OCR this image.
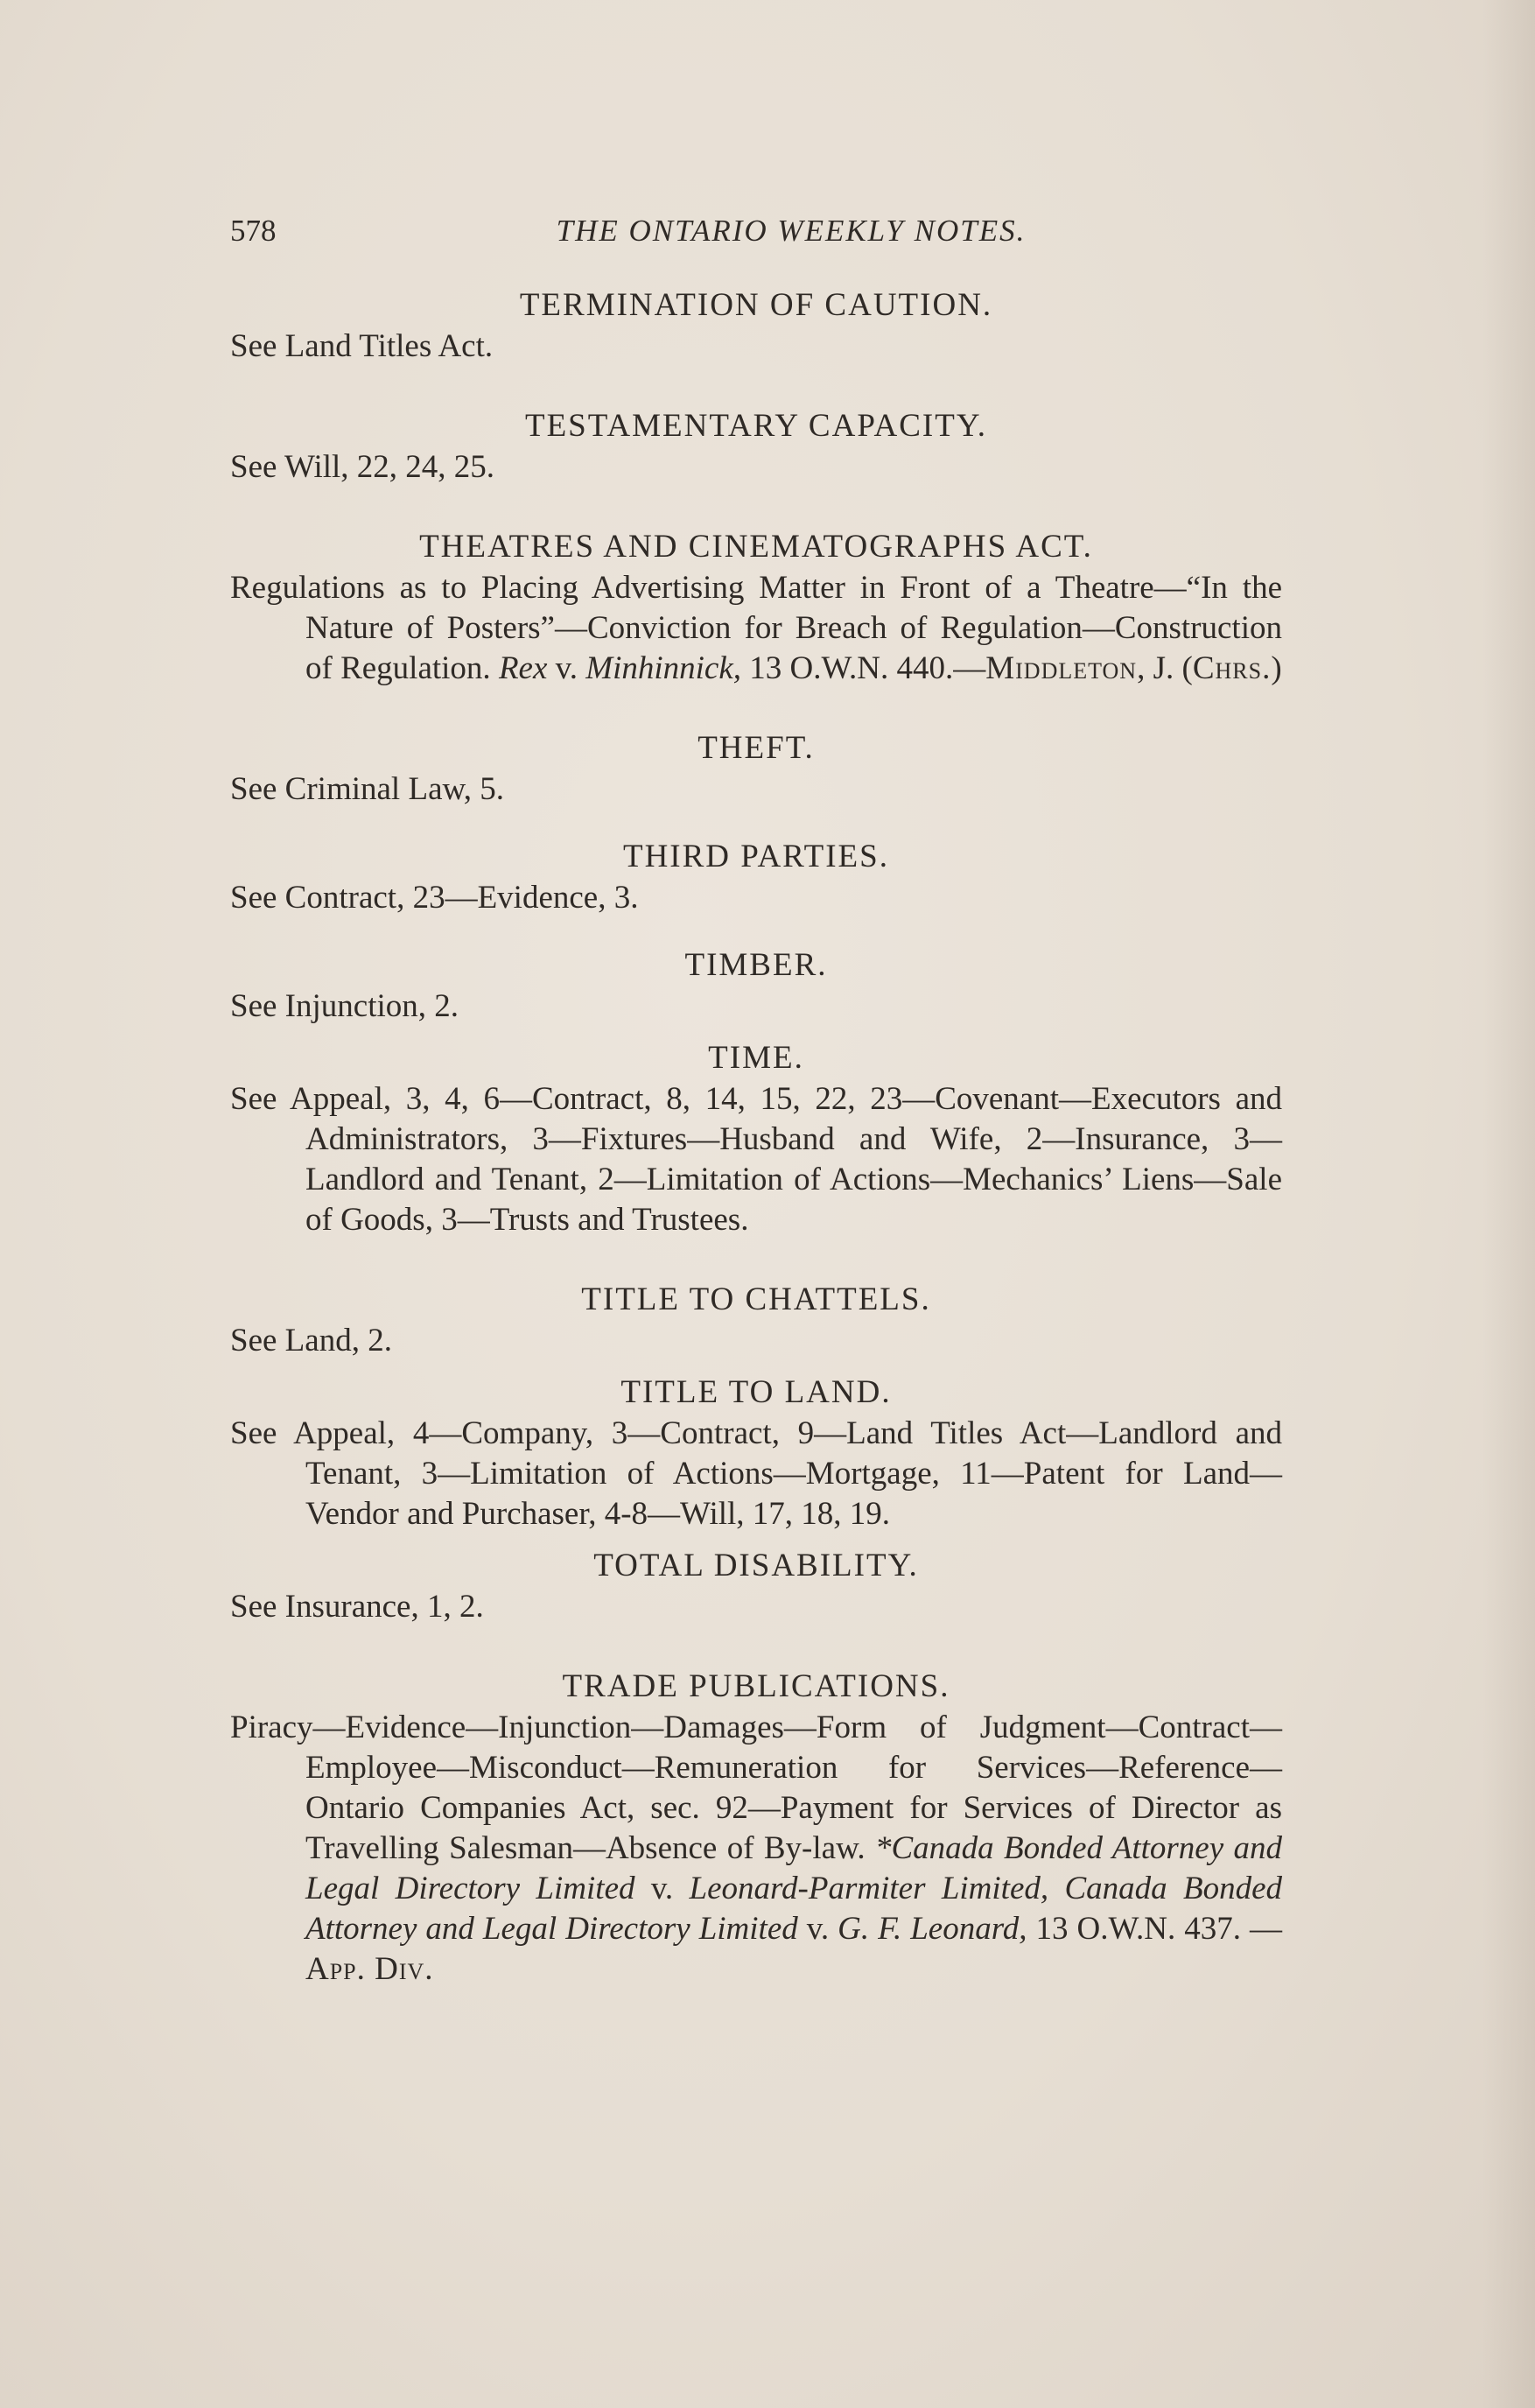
578	THE ONTARIO WEEKLY NOTES.

TERMINATION OF CAUTION.

See Land Titles Act.

TESTAMENTARY CAPACITY.

See Will, 22, 24, 25.

THEATRES AND CINEMATOGRAPHS ACT.

Regulations as to Placing Advertising Matter in Front of a Theatre—“In the Nature of Posters”—Conviction for Breach of Regulation—Construction of Regulation. Rex v. Minhinnick, 13 O.W.N. 440.—Middleton, J. (Chrs.)

THEFT.

See Criminal Law, 5.

THIRD PARTIES.

See Contract, 23—Evidence, 3.

TIMBER.

See Injunction, 2.

TIME.

See Appeal, 3, 4, 6—Contract, 8, 14, 15, 22, 23—Covenant—Executors and Administrators, 3—Fixtures—Husband and Wife, 2—Insurance, 3—Landlord and Tenant, 2—Limitation of Actions—Mechanics’ Liens—Sale of Goods, 3—Trusts and Trustees.

TITLE TO CHATTELS.

See Land, 2.

TITLE TO LAND.

See Appeal, 4—Company, 3—Contract, 9—Land Titles Act—Landlord and Tenant, 3—Limitation of Actions—Mortgage, 11—Patent for Land—Vendor and Purchaser, 4-8—Will, 17, 18, 19.

TOTAL DISABILITY.

See Insurance, 1, 2.

TRADE PUBLICATIONS.

Piracy—Evidence—Injunction—Damages—Form of Judgment—Contract—Employee—Misconduct—Remuneration for Services—Reference—Ontario Companies Act, sec. 92—Payment for Services of Director as Travelling Salesman—Absence of By-law. *Canada Bonded Attorney and Legal Directory Limited v. Leonard-Parmiter Limited, Canada Bonded Attorney and Legal Directory Limited v. G. F. Leonard, 13 O.W.N. 437. —App. Div.
